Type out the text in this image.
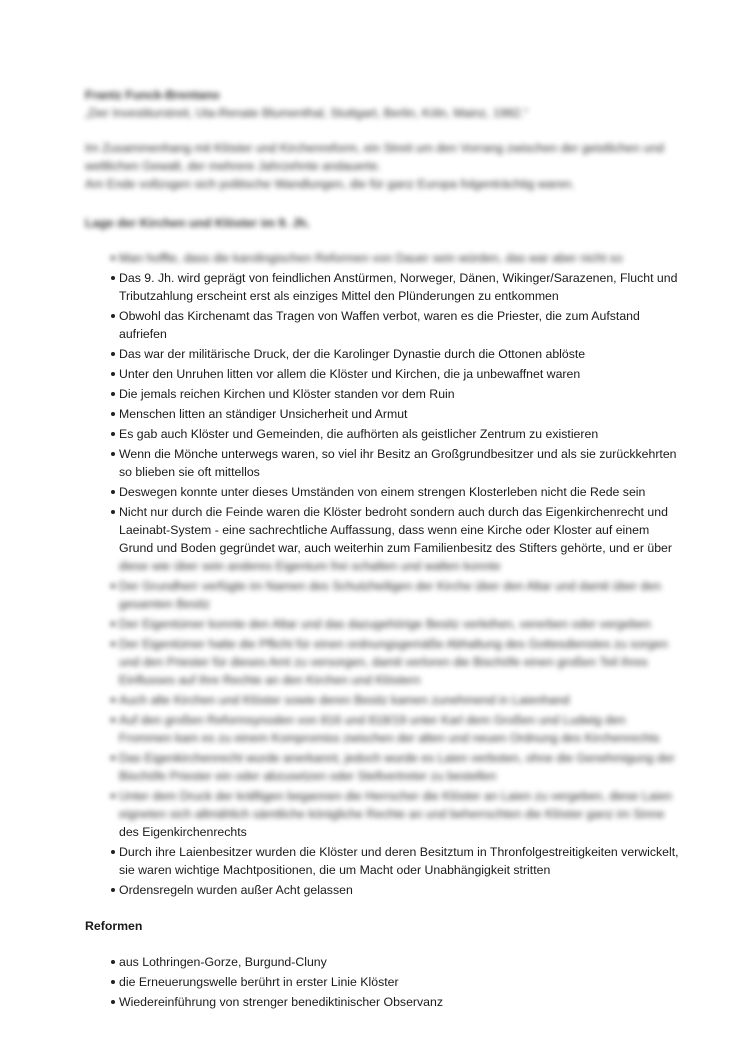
Frantz Funck-Brentano

„Der Investiturstreit, Uta-Renate Blumenthal, Stuttgart, Berlin, Köln, Mainz, 1982.“

Im Zusammenhang mit Klöster und Kirchenreform, ein Streit um den Vorrang zwischen der geistlichen und

weltlichen Gewalt, der mehrere Jahrzehnte andauerte.

Am Ende vollzogen sich politische Wandlungen, die für ganz Europa folgenträchtig waren.

Lage der Kirchen und Klöster im 9. Jh.

Man hoffte, dass die karolingischen Reformen von Dauer sein würden, das war aber nicht so
Das 9. Jh. wird geprägt von feindlichen Anstürmen, Norweger, Dänen, Wikinger/Sarazenen, Flucht und Tributzahlung erscheint erst als einziges Mittel den Plünderungen zu entkommen
Obwohl das Kirchenamt das Tragen von Waffen verbot, waren es die Priester, die zum Aufstand aufriefen
Das war der militärische Druck, der die Karolinger Dynastie durch die Ottonen ablöste
Unter den Unruhen litten vor allem die Klöster und Kirchen, die ja unbewaffnet waren
Die jemals reichen Kirchen und Klöster standen vor dem Ruin
Menschen litten an ständiger Unsicherheit und Armut
Es gab auch Klöster und Gemeinden, die aufhörten als geistlicher Zentrum zu existieren
Wenn die Mönche unterwegs waren, so viel ihr Besitz an Großgrundbesitzer und als sie zurückkehrten so blieben sie oft mittellos
Deswegen konnte unter dieses Umständen von einem strengen Klosterleben nicht die Rede sein
Nicht nur durch die Feinde waren die Klöster bedroht sondern auch durch das Eigenkirchenrecht und Laeinabt-System - eine sachrechtliche Auffassung, dass wenn eine Kirche oder Kloster auf einem Grund und Boden gegründet war, auch weiterhin zum Familienbesitz des Stifters gehörte, und er über
diese wie über sein anderes Eigentum frei schalten und walten konnte
Der Grundherr verfügte im Namen des Schutzheiligen der Kirche über den Altar und damit über den gesamten Besitz
Der Eigentümer konnte den Altar und das dazugehörige Besitz verleihen, vererben oder vergeben
Der Eigentümer hatte die Pflicht für einen ordnungsgemäße Abhaltung des Gottesdienstes zu sorgen und den Priester für dieses Amt zu versorgen, damit verloren die Bischöfe einen großen Teil ihres Einflusses auf ihre Rechte an den Kirchen und Klöstern
Auch alte Kirchen und Klöster sowie deren Besitz kamen zunehmend in Laienhand
Auf den großen Reformsynoden von 816 und 818/19 unter Karl dem Großen und Ludwig den Frommen kam es zu einem Kompromiss zwischen der alten und neuen Ordnung des Kirchenrechts
Das Eigenkirchenrecht wurde anerkannt, jedoch wurde es Laien verboten, ohne die Genehmigung der Bischöfe Priester ein oder abzusetzen oder Stellvertreter zu bestellen
Unter dem Druck der kräftigen begannen die Herrscher die Klöster an Laien zu vergeben, diese Laien eigneten sich allmählich sämtliche königliche Rechte an und beherrschten die Klöster ganz im Sinne
des Eigenkirchenrechts
Durch ihre Laienbesitzer wurden die Klöster und deren Besitztum in Thronfolgestreitigkeiten verwickelt, sie waren wichtige Machtpositionen, die um Macht oder Unabhängigkeit stritten
Ordensregeln wurden außer Acht gelassen

Reformen

aus Lothringen-Gorze, Burgund-Cluny
die Erneuerungswelle berührt in erster Linie Klöster
Wiedereinführung von strenger benediktinischer Observanz
